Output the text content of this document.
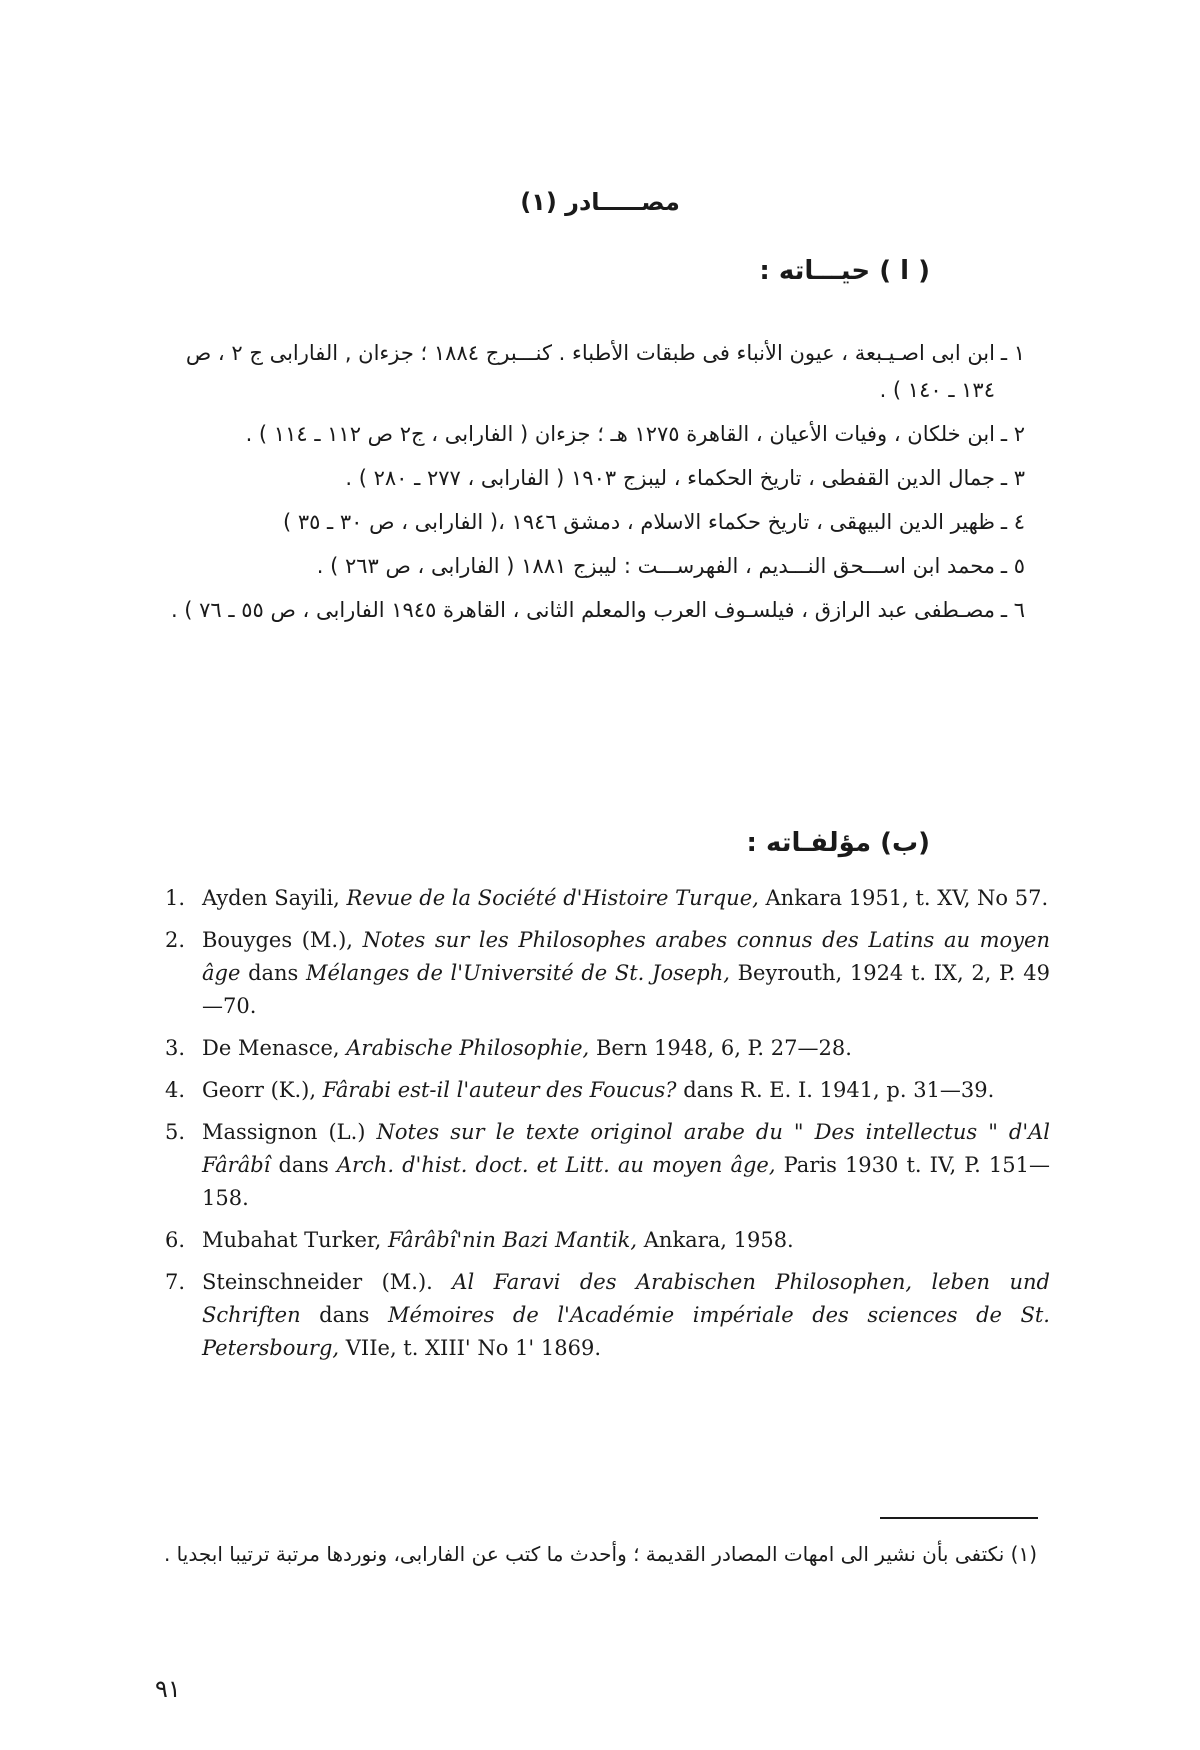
مصـــــادر (١)
( ا ) حيـــاته :
١ ـ
ابن ابى اصـيـبعة ، عيون الأنباء فى طبقات الأطباء . كنـــبرج ١٨٨٤ ؛ جزءان , الفارابى ج ٢ ، ص ١٣٤ ـ ١٤٠ ) .
٢ ـ
ابن خلكان ، وفيات الأعيان ، القاهرة ١٢٧٥ هـ ؛ جزءان ( الفارابى ، ج٢ ص ١١٢ ـ ١١٤ ) .
٣ ـ
جمال الدين القفطى ، تاريخ الحكماء ، ليبزج ١٩٠٣ ( الفارابى ، ٢٧٧ ـ ٢٨٠ ) .
٤ ـ
ظهير الدين البيهقى ، تاريخ حكماء الاسلام ، دمشق ١٩٤٦ ،( الفارابى ، ص ٣٠ ـ ٣٥ )
٥ ـ
محمد ابن اســـحق النـــديم ، الفهرســـت : ليبزج ١٨٨١ ( الفارابى ، ص ٢٦٣ ) .
٦ ـ
مصـطفى عبد الرازق ، فيلسـوف العرب والمعلم الثانى ، القاهرة ١٩٤٥ الفارابى ، ص ٥٥ ـ ٧٦ ) .
(ب) مؤلفـاته :
1. Ayden Sayili, Revue de la Société d'Histoire Turque, Ankara 1951, t. XV, No 57.
2. Bouyges (M.), Notes sur les Philosophes arabes connus des Latins au moyen âge dans Mélanges de l'Université de St. Joseph, Beyrouth, 1924 t. IX, 2, P. 49—70.
3. De Menasce, Arabische Philosophie, Bern 1948, 6, P. 27—28.
4. Georr (K.), Fârabi est-il l'auteur des Foucus? dans R. E. I. 1941, p. 31—39.
5. Massignon (L.) Notes sur le texte originol arabe du " Des intellectus " d'Al Fârâbî dans Arch. d'hist. doct. et Litt. au moyen âge, Paris 1930 t. IV, P. 151—158.
6. Mubahat Turker, Fârâbî'nin Bazi Mantik, Ankara, 1958.
7. Steinschneider (M.). Al Faravi des Arabischen Philosophen, leben und Schriften dans Mémoires de l'Académie impériale des sciences de St. Petersbourg, VIIe, t. XIII' No 1' 1869.
(١) نكتفى بأن نشير الى امهات المصادر القديمة ؛ وأحدث ما كتب عن الفارابى، ونوردها مرتبة ترتيبا ابجديا .
٩١
